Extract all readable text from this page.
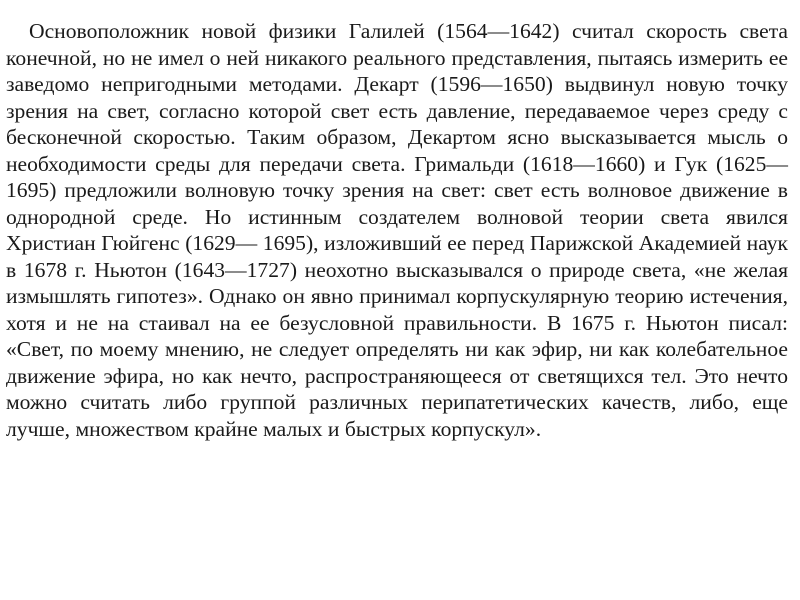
Основоположник новой физики Галилей (1564—1642) считал скорость света конечной, но не имел о ней никакого реального представления, пытаясь измерить ее заведомо непригодными методами. Декарт (1596—1650) выдвинул новую точку зрения на свет, согласно которой свет есть давление, передаваемое через среду с бесконечной скоростью. Таким образом, Декартом ясно высказывается мысль о необходимости среды для передачи света. Гримальди (1618—1660) и Гук (1625—1695) предложили волновую точку зрения на свет: свет есть волновое движение в однородной среде. Но истинным создателем волновой теории света явился Христиан Гюйгенс (1629— 1695), изложивший ее перед Парижской Академией наук в 1678 г. Ньютон (1643—1727) неохотно высказывался о природе света, «не желая измышлять гипотез». Однако он явно принимал корпускулярную теорию истечения, хотя и не на стаивал на ее безусловной правильности. В 1675 г. Ньютон писал: «Свет, по моему мнению, не следует определять ни как эфир, ни как колебательное движение эфира, но как нечто, распространяющееся от светящихся тел. Это нечто можно считать либо группой различных перипатетических качеств, либо, еще лучше, множеством крайне малых и быстрых корпускул».
